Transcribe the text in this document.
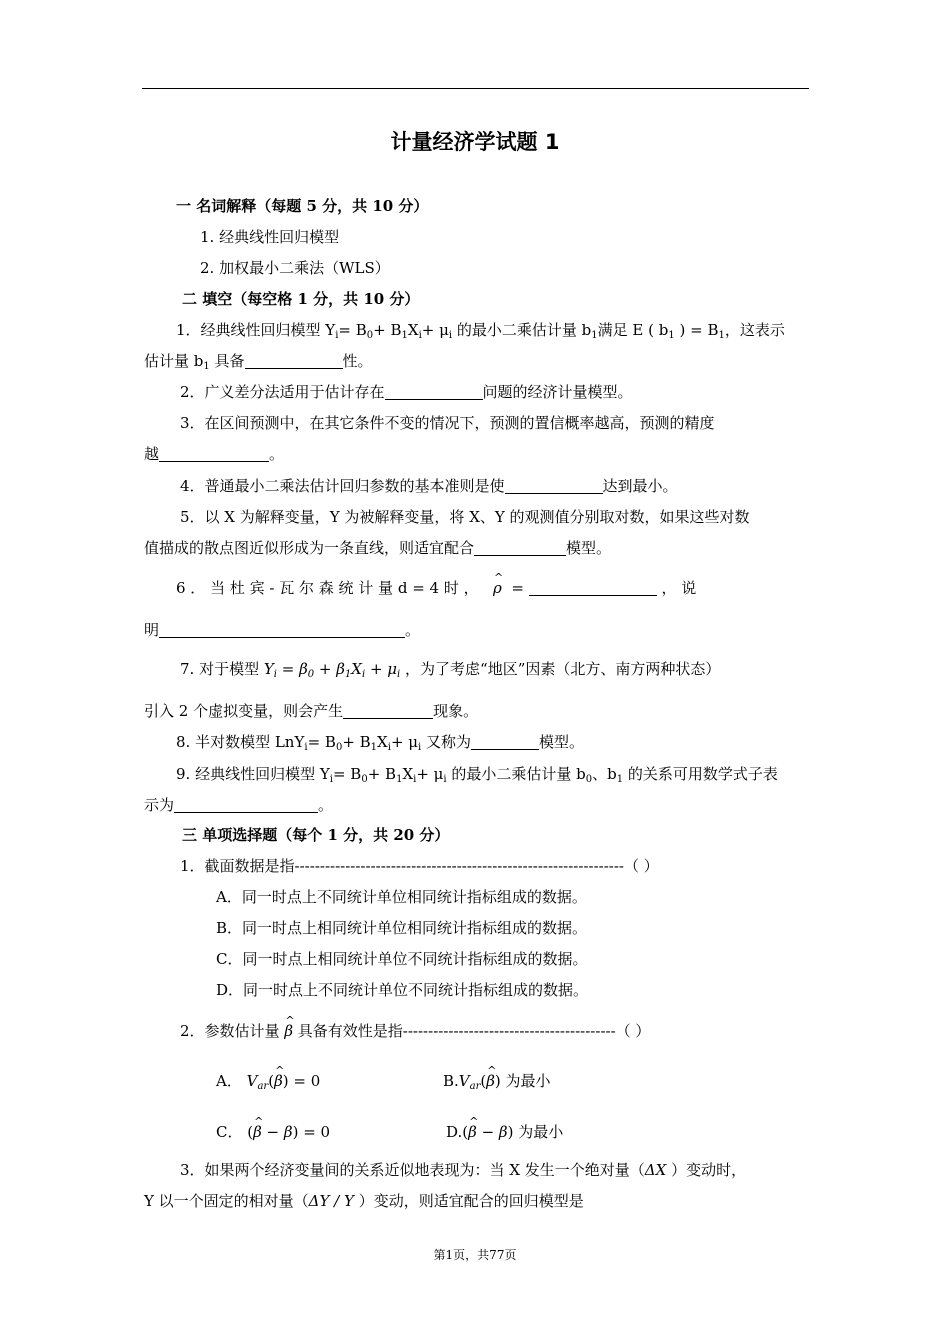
计量经济学试题 1
一 名词解释（每题 5 分，共 10 分）
1. 经典线性回归模型
2. 加权最小二乘法（WLS）
二 填空（每空格 1 分，共 10 分）
1．经典线性回归模型 $Y_i= B_0+ B_1X_i+ \mu_i$ 的最小二乘估计量 $b_1$满足 E ( $b_1$ ) = $B_1$，这表示
估计量 $b_1$ 具备	性。
2．广义差分法适用于估计存在	问题的经济计量模型。
3．在区间预测中，在其它条件不变的情况下，预测的置信概率越高，预测的精度
越	。
4．普通最小二乘法估计回归参数的基本准则是使	达到最小。
5．以 X 为解释变量，Y 为被解释变量，将 X、Y 的观测值分别取对数，如果这些对数
值描成的散点图近似形成为一条直线，则适宜配合	模型。
6 ． 当 杜 宾 - 瓦 尔 森 统 计 量 d = 4 时 ， ^ ρ =	， 说
明	。
7. 对于模型 $Y_i = \beta_0 + \beta_1X_i + \mu_i$ ，为了考虑“地区”因素（北方、南方两种状态）
引入 2 个虚拟变量，则会产生	现象。
8. 半对数模型 $LnY_i= B_0+ B_1X_i+ \mu_i$ 又称为	模型。
9. 经典线性回归模型 $Y_i= B_0+ B_1X_i+ \mu_i$ 的最小二乘估计量 $b_0$、$b_1$ 的关系可用数学式子表
示为	。
三 单项选择题（每个 1 分，共 20 分）
1．截面数据是指-----------------------------------------------------------------（ ）
A．同一时点上不同统计单位相同统计指标组成的数据。
B．同一时点上相同统计单位相同统计指标组成的数据。
C．同一时点上相同统计单位不同统计指标组成的数据。
D．同一时点上不同统计单位不同统计指标组成的数据。
2．参数估计量 ^ β 具备有效性是指------------------------------------------（ ）
A． $V_{ar}(\^{}$ β) = 0	$B.V_{ar}(\^{}$ β) 为最小
C． (^ β − β) = 0	D.(^ β − β) 为最小
3．如果两个经济变量间的关系近似地表现为：当 X 发生一个绝对量（ΔX ）变动时，
Y 以一个固定的相对量（ΔY / Y ）变动，则适宜配合的回归模型是
第1页，共77页
